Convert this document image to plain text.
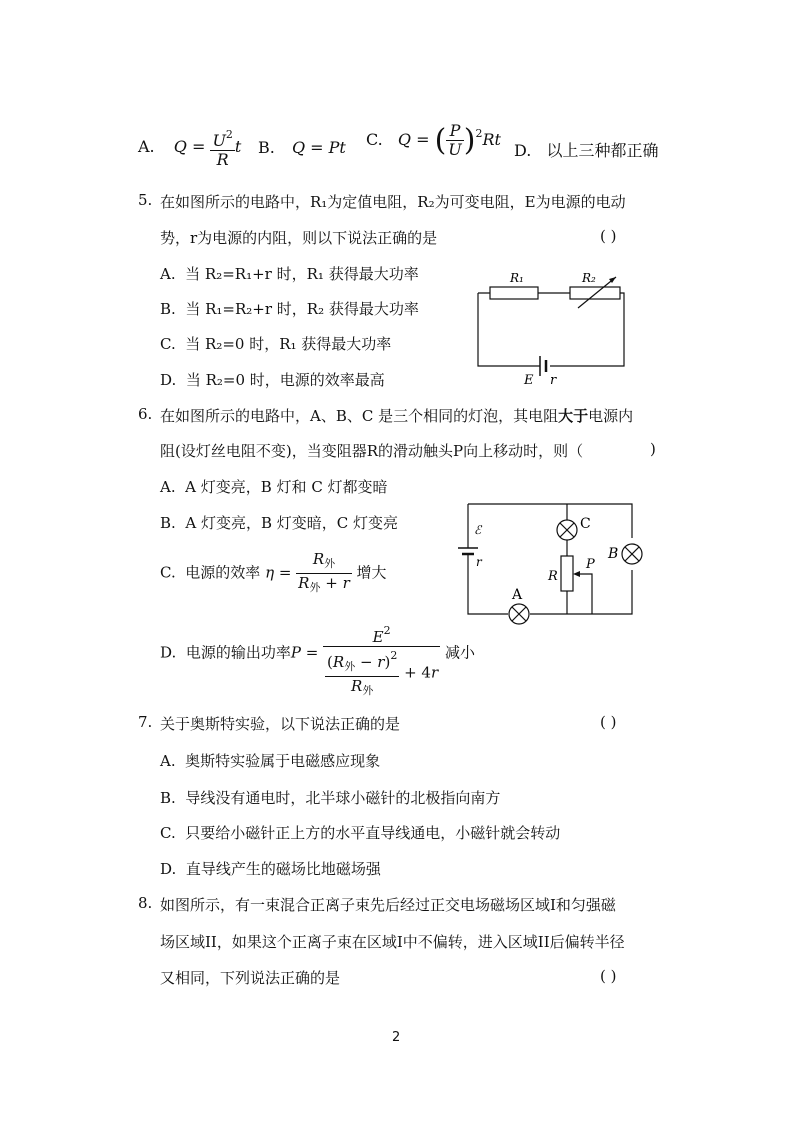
A. $Q = \frac{U^2}{R}$ t B. Q = Pt C. Q = ( $\frac{P}{U} )^2Rt$
D. 以上三种都正确
5. 在如图所示的电路中，R₁为定值电阻，R₂为可变电阻，E为电源的电动
势，r为电源的内阻，则以下说法正确的是	( )
A. 当 R₂=R₁+r 时，R₁ 获得最大功率
B. 当 R₁=R₂+r 时，R₂ 获得最大功率
C. 当 R₂=0 时，R₁ 获得最大功率
D. 当 R₂=0 时，电源的效率最高
R₁	R₂
E r
6. 在如图所示的电路中，A、B、C 是三个相同的灯泡，其电阻大于电源内
阻(设灯丝电阻不变)，当变阻器R的滑动触头P向上移动时，则（	)
A. A 灯变亮，B 灯和 C 灯都变暗
B. A 灯变亮，B 灯变暗，C 灯变亮
C. 电源的效率 $\eta = \frac{R_外}{R_外 + r}$ 增大
D. 电源的输出功率$P = \frac{E^2}{\frac{(R_外 - r)^2}{R_外} + 4r}$ 减小
ℰ
r
C
B
R
P
A
7. 关于奥斯特实验，以下说法正确的是	( )
A. 奥斯特实验属于电磁感应现象
B. 导线没有通电时，北半球小磁针的北极指向南方
C. 只要给小磁针正上方的水平直导线通电，小磁针就会转动
D. 直导线产生的磁场比地磁场强
8. 如图所示，有一束混合正离子束先后经过正交电场磁场区域I和匀强磁
场区域II，如果这个正离子束在区域I中不偏转，进入区域II后偏转半径
又相同，下列说法正确的是	( )
2
